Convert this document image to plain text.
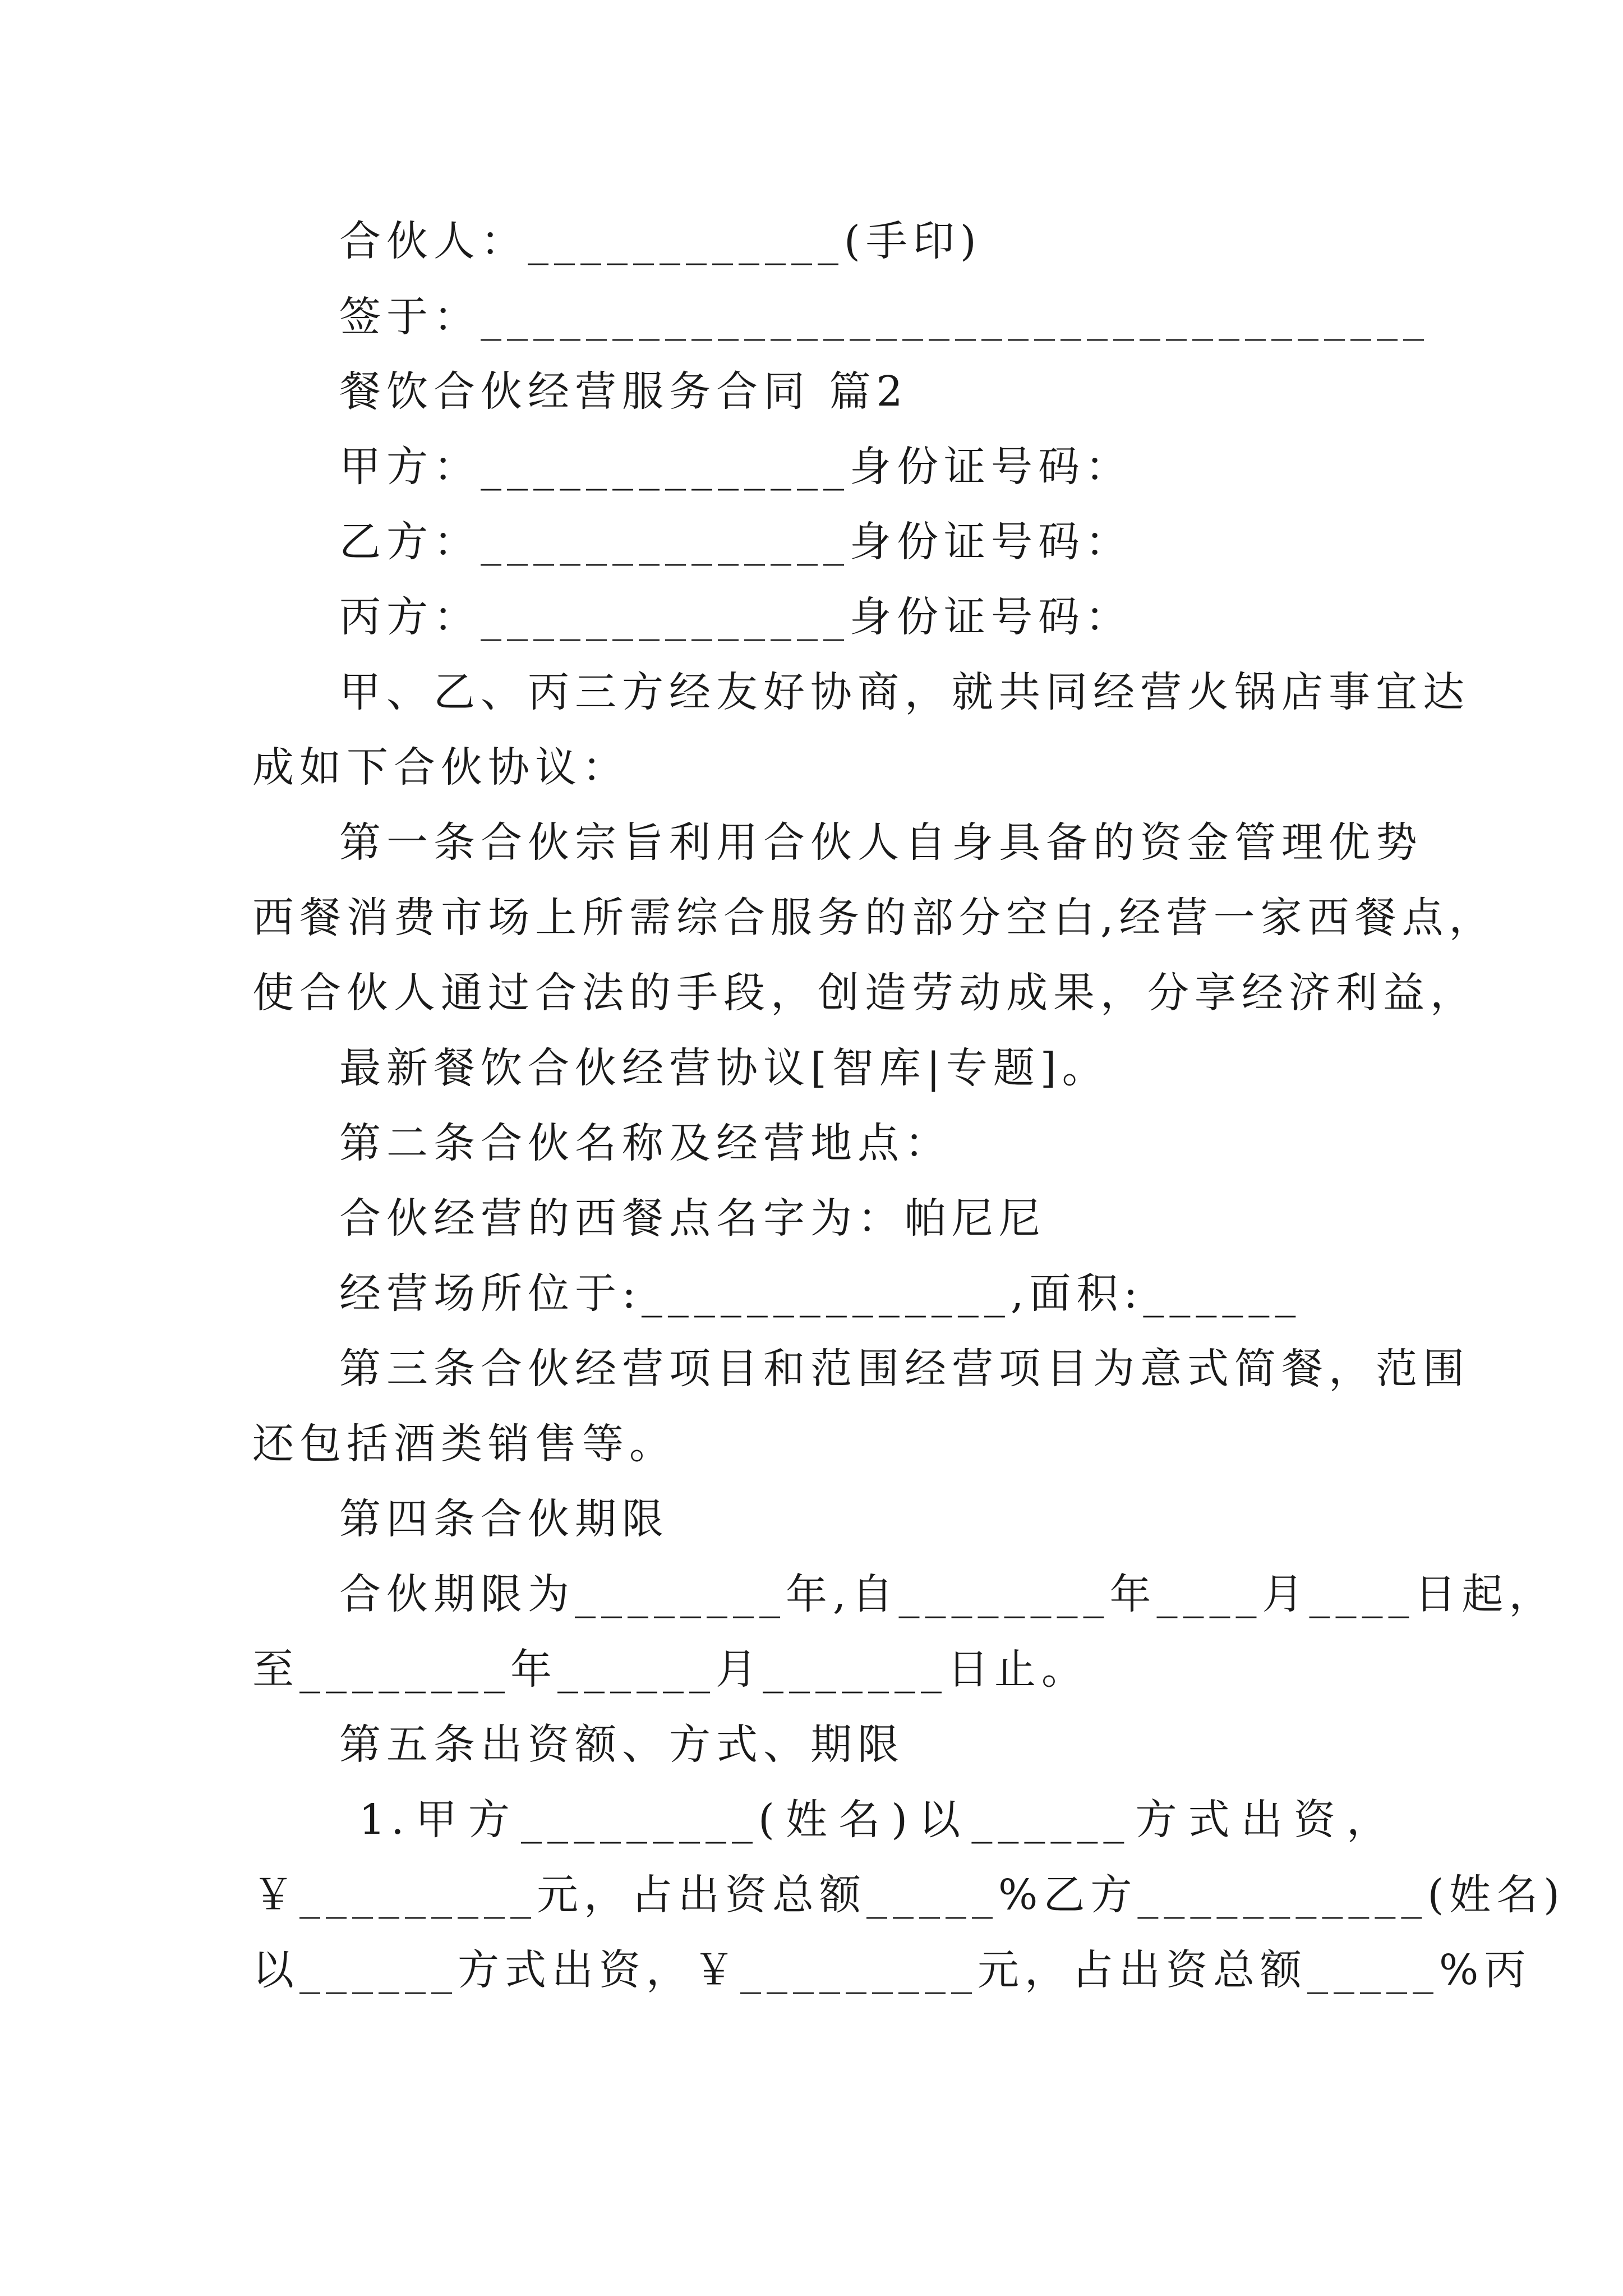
合伙人：____________(手印)
签于：____________________________________
餐饮合伙经营服务合同 篇2
甲方：______________身份证号码：
乙方：______________身份证号码：
丙方：______________身份证号码：
甲、乙、丙三方经友好协商，就共同经营火锅店事宜达
成如下合伙协议：
第一条合伙宗旨利用合伙人自身具备的资金管理优势
西餐消费市场上所需综合服务的部分空白,经营一家西餐点，
使合伙人通过合法的手段，创造劳动成果，分享经济利益，
最新餐饮合伙经营协议[智库|专题]。
第二条合伙名称及经营地点：
合伙经营的西餐点名字为：帕尼尼
经营场所位于:______________,面积:______
第三条合伙经营项目和范围经营项目为意式简餐，范围
还包括酒类销售等。
第四条合伙期限
合伙期限为________年,自________年____月____日起，
至________年______月_______日止。
第五条出资额、方式、期限
1.甲方_________(姓名)以______方式出资，
￥_________元，占出资总额_____%乙方___________(姓名)
以______方式出资，￥_________元，占出资总额_____%丙
